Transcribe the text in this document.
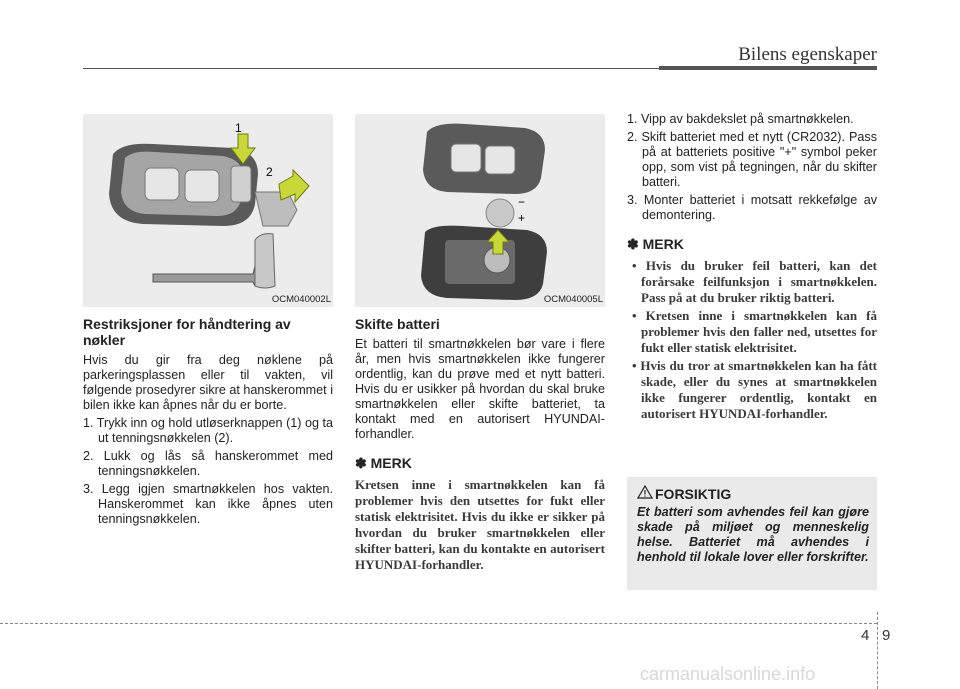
Bilens egenskaper
1
2
OCM040002L
−
+
OCM040005L
Restriksjoner for håndtering av nøkler
Hvis du gir fra deg nøklene på parkeringsplassen eller til vakten, vil følgende prosedyrer sikre at hanskerommet i bilen ikke kan åpnes når du er borte.
1. Trykk inn og hold utløserknappen (1) og ta ut tenningsnøkkelen (2).
2. Lukk og lås så hanskerommet med tenningsnøkkelen.
3. Legg igjen smartnøkkelen hos vakten. Hanskerommet kan ikke åpnes uten tenningsnøkkelen.
Skifte batteri
Et batteri til smartnøkkelen bør vare i flere år, men hvis smartnøkkelen ikke fungerer ordentlig, kan du prøve med et nytt batteri. Hvis du er usikker på hvordan du skal bruke smartnøkkelen eller skifte batteriet, ta kontakt med en autorisert HYUNDAI-forhandler.
✽ MERK
Kretsen inne i smartnøkkelen kan få problemer hvis den utsettes for fukt eller statisk elektrisitet. Hvis du ikke er sikker på hvordan du bruker smartnøkkelen eller skifter batteri, kan du kontakte en autorisert HYUNDAI-forhandler.
1. Vipp av bakdekslet på smartnøkkelen.
2. Skift batteriet med et nytt (CR2032). Pass på at batteriets positive "+" symbol peker opp, som vist på tegningen, når du skifter batteri.
3. Monter batteriet i motsatt rekkefølge av demontering.
✽ MERK
• Hvis du bruker feil batteri, kan det forårsake feilfunksjon i smartnøkkelen. Pass på at du bruker riktig batteri.
• Kretsen inne i smartnøkkelen kan få problemer hvis den faller ned, utsettes for fukt eller statisk elektrisitet.
• Hvis du tror at smartnøkkelen kan ha fått skade, eller du synes at smartnøkkelen ikke fungerer ordentlig, kontakt en autorisert HYUNDAI-forhandler.
FORSIKTIG
Et batteri som avhendes feil kan gjøre skade på miljøet og menneskelig helse. Batteriet må avhendes i henhold til lokale lover eller forskrifter.
4 9
carmanualsonline.info
